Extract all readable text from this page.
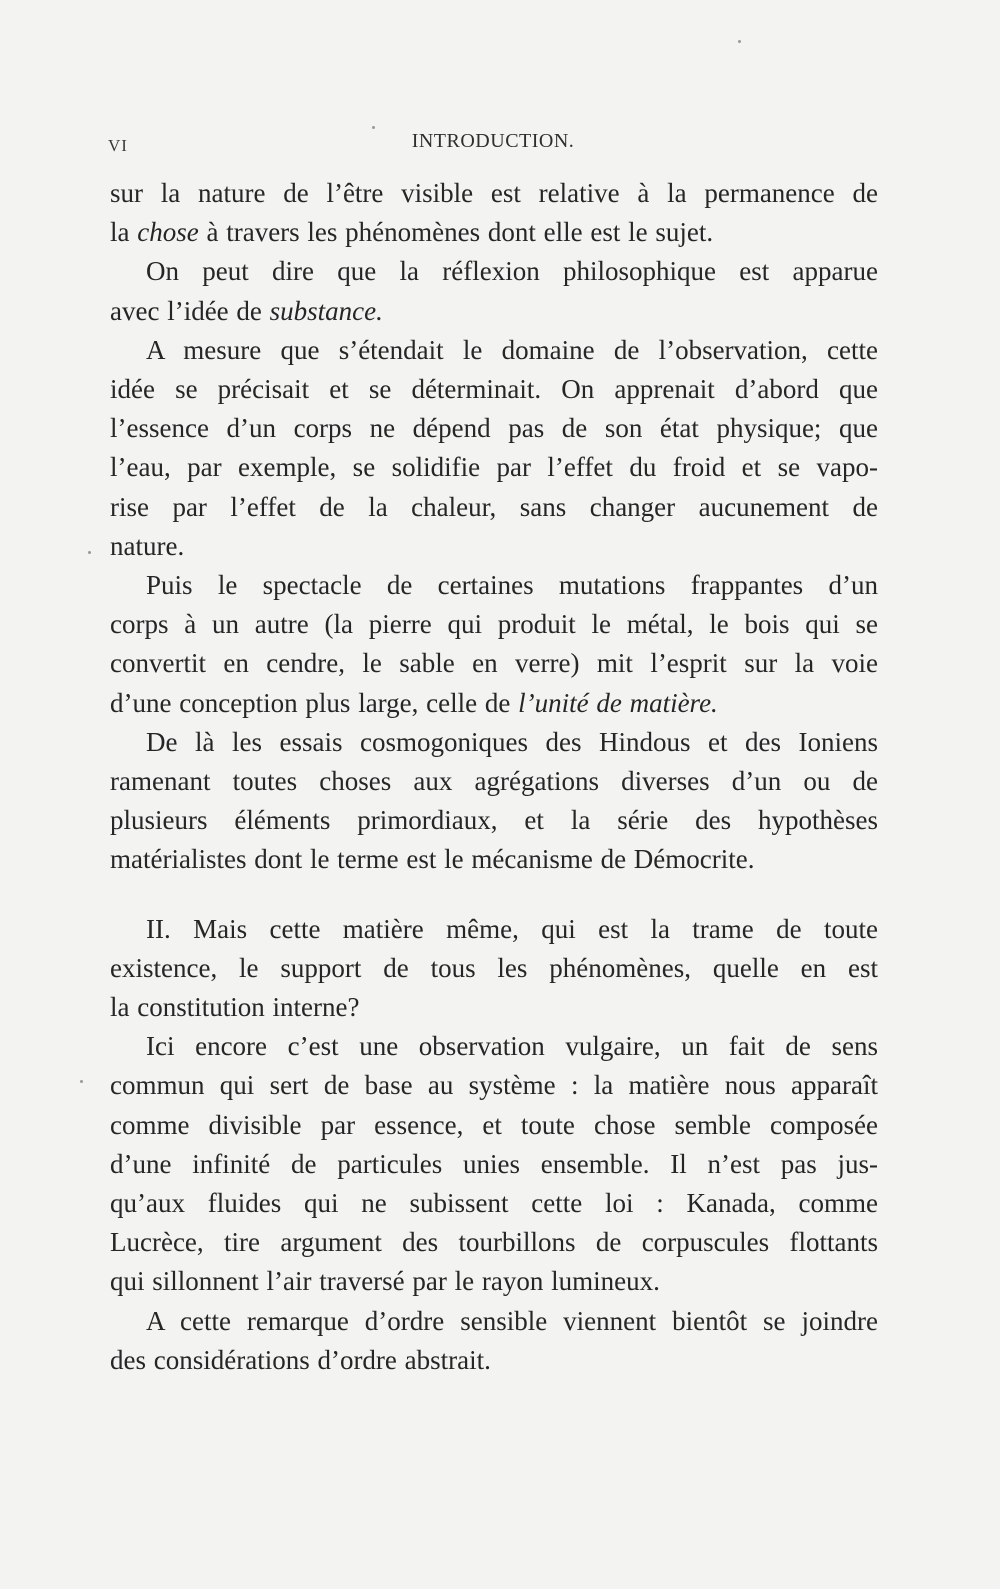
VI	INTRODUCTION.

sur la nature de l’être visible est relative à la permanence de
la chose à travers les phénomènes dont elle est le sujet.

On peut dire que la réflexion philosophique est apparue
avec l’idée de substance.

A mesure que s’étendait le domaine de l’observation, cette
idée se précisait et se déterminait. On apprenait d’abord que
l’essence d’un corps ne dépend pas de son état physique; que
l’eau, par exemple, se solidifie par l’effet du froid et se vapo-
rise par l’effet de la chaleur, sans changer aucunement de
nature.

Puis le spectacle de certaines mutations frappantes d’un
corps à un autre (la pierre qui produit le métal, le bois qui se
convertit en cendre, le sable en verre) mit l’esprit sur la voie
d’une conception plus large, celle de l’unité de matière.

De là les essais cosmogoniques des Hindous et des Ioniens
ramenant toutes choses aux agrégations diverses d’un ou de
plusieurs éléments primordiaux, et la série des hypothèses
matérialistes dont le terme est le mécanisme de Démocrite.

II. Mais cette matière même, qui est la trame de toute
existence, le support de tous les phénomènes, quelle en est
la constitution interne?

Ici encore c’est une observation vulgaire, un fait de sens
commun qui sert de base au système : la matière nous apparaît
comme divisible par essence, et toute chose semble composée
d’une infinité de particules unies ensemble. Il n’est pas jus-
qu’aux fluides qui ne subissent cette loi : Kanada, comme
Lucrèce, tire argument des tourbillons de corpuscules flottants
qui sillonnent l’air traversé par le rayon lumineux.

A cette remarque d’ordre sensible viennent bientôt se joindre
des considérations d’ordre abstrait.
